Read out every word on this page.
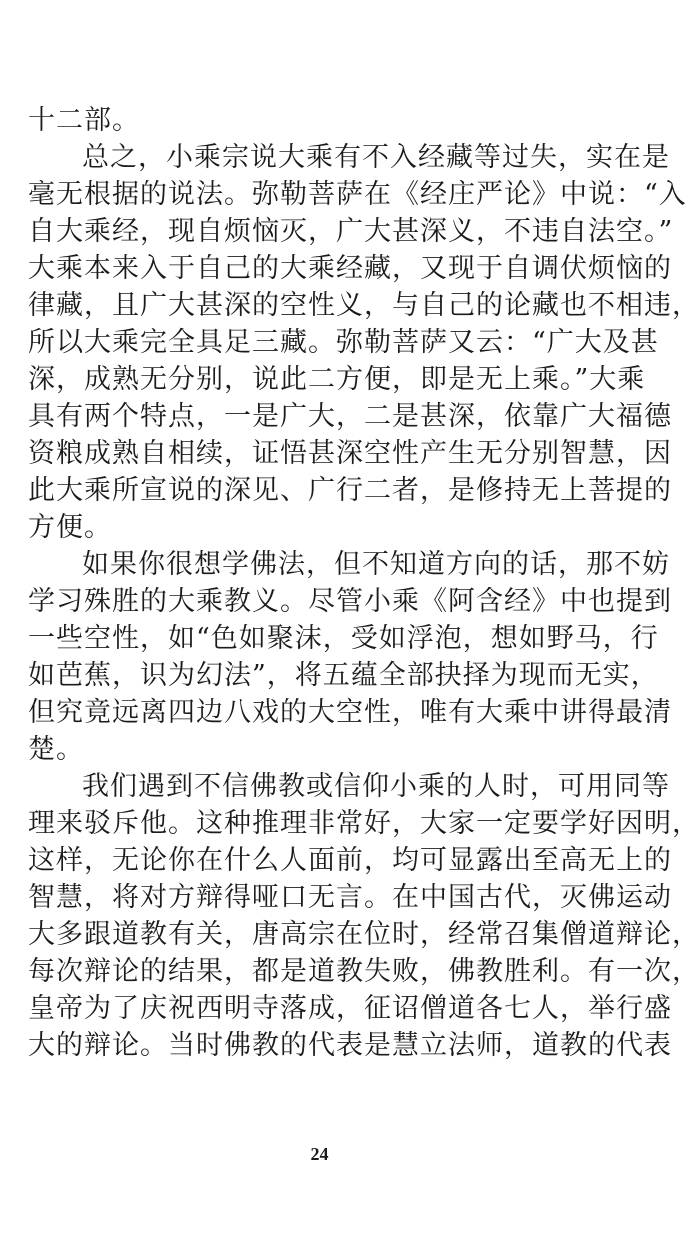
十二部。
总之，小乘宗说大乘有不入经藏等过失，实在是
毫无根据的说法。弥勒菩萨在《经庄严论》中说：“入
自大乘经，现自烦恼灭，广大甚深义，不违自法空。”
大乘本来入于自己的大乘经藏，又现于自调伏烦恼的
律藏，且广大甚深的空性义，与自己的论藏也不相违，
所以大乘完全具足三藏。弥勒菩萨又云：“广大及甚
深，成熟无分别，说此二方便，即是无上乘。”大乘
具有两个特点，一是广大，二是甚深，依靠广大福德
资粮成熟自相续，证悟甚深空性产生无分别智慧，因
此大乘所宣说的深见、广行二者，是修持无上菩提的
方便。
如果你很想学佛法，但不知道方向的话，那不妨
学习殊胜的大乘教义。尽管小乘《阿含经》中也提到
一些空性，如“色如聚沫，受如浮泡，想如野马，行
如芭蕉，识为幻法”，将五蕴全部抉择为现而无实，
但究竟远离四边八戏的大空性，唯有大乘中讲得最清
楚。
我们遇到不信佛教或信仰小乘的人时，可用同等
理来驳斥他。这种推理非常好，大家一定要学好因明，
这样，无论你在什么人面前，均可显露出至高无上的
智慧，将对方辩得哑口无言。在中国古代，灭佛运动
大多跟道教有关，唐高宗在位时，经常召集僧道辩论，
每次辩论的结果，都是道教失败，佛教胜利。有一次，
皇帝为了庆祝西明寺落成，征诏僧道各七人，举行盛
大的辩论。当时佛教的代表是慧立法师，道教的代表
24
